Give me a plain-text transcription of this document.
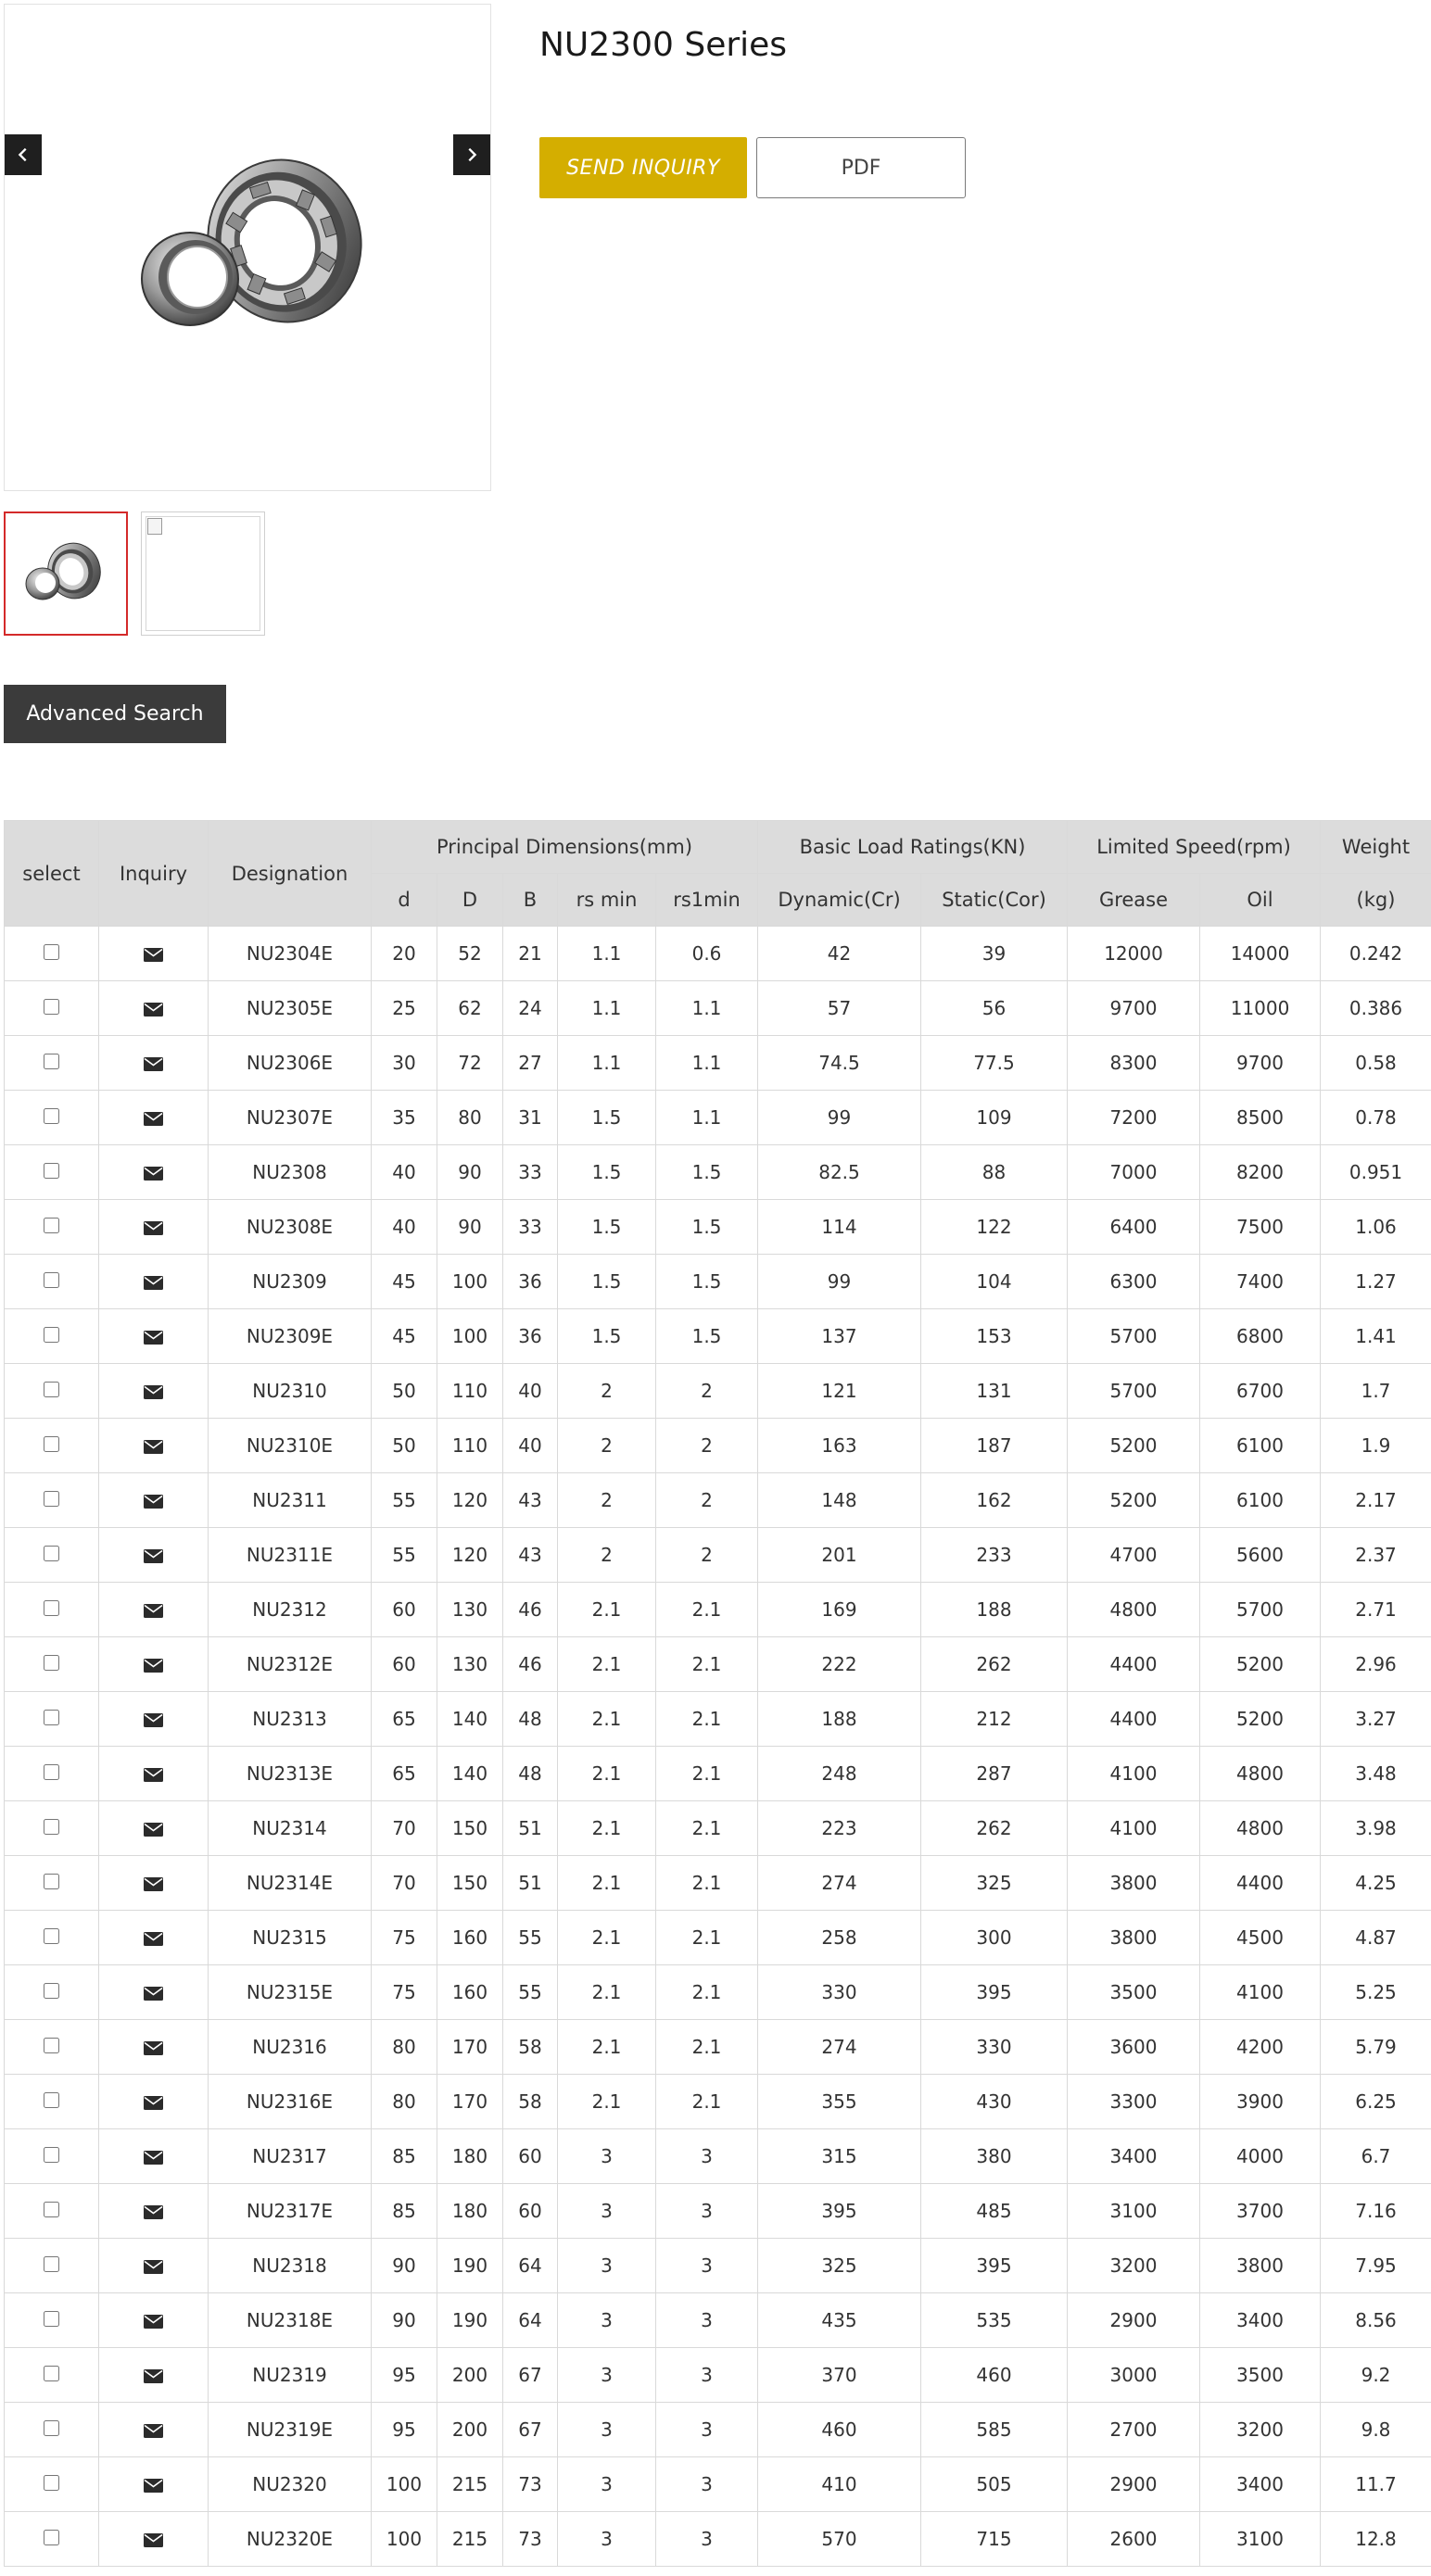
Advanced Search
NU2300 Series
SEND INQUIRY	PDF
select	Inquiry	Designation	Principal Dimensions(mm)					Basic Load Ratings(KN)		Limited Speed(rpm)		Weight
			d	D	B	rs min	rs1min	Dynamic(Cr)	Static(Cor)	Grease	Oil	(kg)
		NU2304E	20	52	21	1.1	0.6	42	39	12000	14000	0.242
		NU2305E	25	62	24	1.1	1.1	57	56	9700	11000	0.386
		NU2306E	30	72	27	1.1	1.1	74.5	77.5	8300	9700	0.58
		NU2307E	35	80	31	1.5	1.1	99	109	7200	8500	0.78
		NU2308	40	90	33	1.5	1.5	82.5	88	7000	8200	0.951
		NU2308E	40	90	33	1.5	1.5	114	122	6400	7500	1.06
		NU2309	45	100	36	1.5	1.5	99	104	6300	7400	1.27
		NU2309E	45	100	36	1.5	1.5	137	153	5700	6800	1.41
		NU2310	50	110	40	2	2	121	131	5700	6700	1.7
		NU2310E	50	110	40	2	2	163	187	5200	6100	1.9
		NU2311	55	120	43	2	2	148	162	5200	6100	2.17
		NU2311E	55	120	43	2	2	201	233	4700	5600	2.37
		NU2312	60	130	46	2.1	2.1	169	188	4800	5700	2.71
		NU2312E	60	130	46	2.1	2.1	222	262	4400	5200	2.96
		NU2313	65	140	48	2.1	2.1	188	212	4400	5200	3.27
		NU2313E	65	140	48	2.1	2.1	248	287	4100	4800	3.48
		NU2314	70	150	51	2.1	2.1	223	262	4100	4800	3.98
		NU2314E	70	150	51	2.1	2.1	274	325	3800	4400	4.25
		NU2315	75	160	55	2.1	2.1	258	300	3800	4500	4.87
		NU2315E	75	160	55	2.1	2.1	330	395	3500	4100	5.25
		NU2316	80	170	58	2.1	2.1	274	330	3600	4200	5.79
		NU2316E	80	170	58	2.1	2.1	355	430	3300	3900	6.25
		NU2317	85	180	60	3	3	315	380	3400	4000	6.7
		NU2317E	85	180	60	3	3	395	485	3100	3700	7.16
		NU2318	90	190	64	3	3	325	395	3200	3800	7.95
		NU2318E	90	190	64	3	3	435	535	2900	3400	8.56
		NU2319	95	200	67	3	3	370	460	3000	3500	9.2
		NU2319E	95	200	67	3	3	460	585	2700	3200	9.8
		NU2320	100	215	73	3	3	410	505	2900	3400	11.7
		NU2320E	100	215	73	3	3	570	715	2600	3100	12.8
